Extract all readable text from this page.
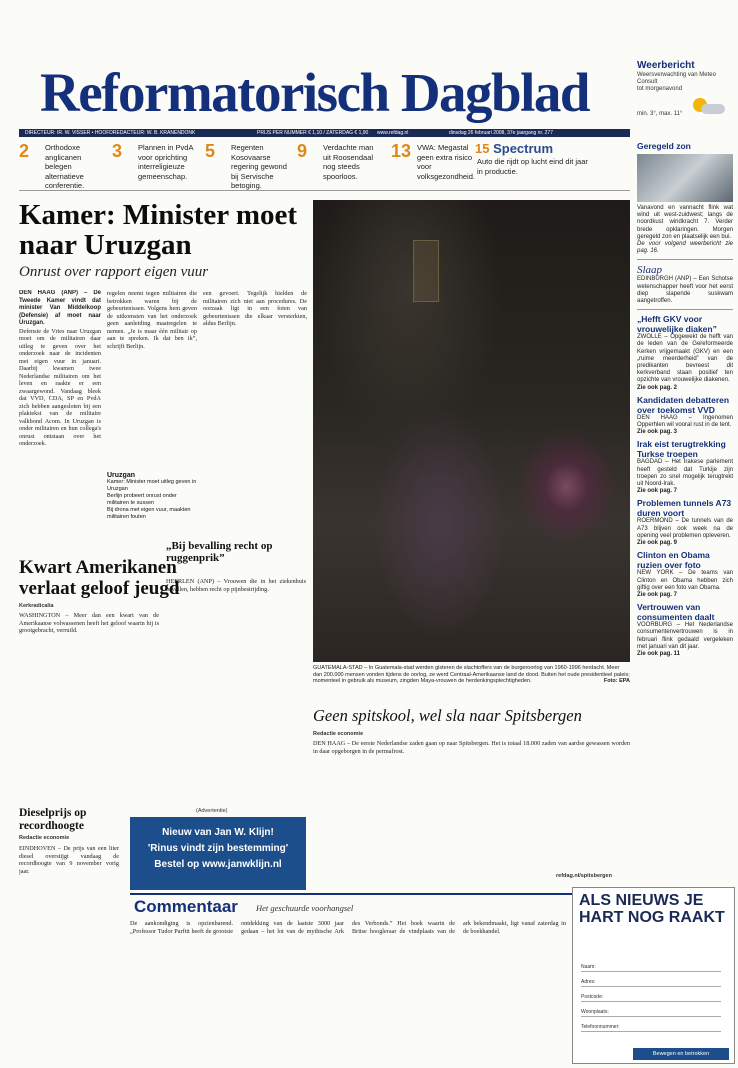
Reformatorisch Dagblad	Weerbericht
Weersverwachting van Meteo Consult
tot morgenavond
min. 3°, max. 11°
DIRECTEUR: IR. W. VISSER • HOOFDREDACTEUR: W. B. KRANENDONK	PRIJS PER NUMMER € 1,10 / ZATERDAG € 1,90 www.refdag.nl	dinsdag 26 februari 2008, 37e jaargang nr. 277
2 Orthodoxe anglicanen belegen alternatieve conferentie.
3 Plannen in PvdA voor oprichting interreligieuze gemeenschap.
5 Regenten Kosovaarse regering gewond bij Servische betoging.
9 Verdachte man uit Roosendaal nog steeds spoorloos.
13 VWA: Megastal geen extra risico voor volksgezondheid.
15 Spectrum
Auto die rijdt op lucht eind dit jaar in productie.
Geregeld zon
Vanavond en vannacht flink wat wind uit west-zuidwest; langs de noordkust windkracht 7. Verder brede opklaringen. Morgen geregeld zon en plaatselijk een bui.
De voor volgend weerbericht zie pag. 16.
Slaap
EDINBURGH (ANP) – Een Schotse wetenschapper heeft voor het eerst diep slapende suskwam aangetroffen.
„Hefft GKV voor vrouwelijke diaken”
ZWOLLE – Opgewekt de hefft van de leden van de Gereformeerde Kerken vrijgemaakt (GKV) en een „ruime meerderheid” van de predikanten bevreest dit kerkverband staan positief ten opzichte van vrouwelijke diakenen.
Zie ook pag. 2
Kandidaten debatteren over toekomst VVD
DEN HAAG – Ingenomen Opperhlen wil vooral rust in de tent.
Zie ook pag. 3
Irak eist terugtrekking Turkse troepen
BAGDAD – Het Irakese parlement heeft gesteld dat Turkije zijn troepen zo snel mogelijk terugtrekt uit Noord-Irak.
Zie ook pag. 7
Problemen tunnels A73 duren voort
ROERMOND – De tunnels van de A73 blijven ook week na de opening veel problemen opleveren.
Zie ook pag. 9
Clinton en Obama ruzien over foto
NEW YORK – De teams van Clinton en Obama hebben zich giftig over een foto van Obama.
Zie ook pag. 7
Vertrouwen van consumenten daalt
VOORBURG – Het Nederlandse consumentenvertrouwen is in februari flink gedaald vergeleken met januari van dit jaar.
Zie ook pag. 11
Kamer: Minister moet naar Uruzgan
Onrust over rapport eigen vuur
DEN HAAG (ANP) – De Tweede Kamer vindt dat minister Van Middelkoop (Defensie) af moet naar Uruzgan.
Defensie de Vries naar Uruzgan moet om de militairen daar uitleg te geven over het onderzoek naar de incidenten met eigen vuur in januari. Daarbij kwamen twee Nederlandse militairen om het leven en raakte er een zwaargewond. Vandaag bleek dat VVD, CDA, SP en PvdA zich hebben aangesloten bij een plaktekst van de militaire valkbond Acom. In Uruzgan is onder militairen en hun collega's onrust ontstaan over het onderzoek.
regelen neemt tegen militairen die betrokken waren bij de gebeurtenissen. Volgens hem geven de uitkomsten van het onderzoek geen aanleiding maatregelen te nemen. „Je is maar één militair op aan te spreken. Ik dat ben ik”, schrijft Berlijn.
Uruzgan
Kamer: Minister moet uitleg geven in Uruzgan
Berlijn probeert onrust onder militairen te sussen
Bij drona met eigen vuur, maakten militairen fouten
een gevoert. Tegelijk hielden de militairen zich niet aan procedures. De oorzaak ligt in een foten van gebeurtenissen die elkaar versterkten, aldus Berlijn.
„Bij bevalling recht op ruggenprik”
HEERLEN (ANP) – Vrouwen die in het ziekenhuis bevallen, hebben recht op pijnbestrijding.
Kwart Amerikanen verlaat geloof jeugd
Kerkradicalia
WASHINGTON – Meer dan een kwart van de Amerikaanse volwassenen heeft het geloof waarin hij is grootgebracht, verruild.
GUATEMALA-STAD – In Guatemala-stad werden gisteren de slachtoffers van de burgeroorlog van 1960-1996 herdacht. Meer dan 200.000 mensen vonden tijdens de oorlog, ze werd Centraal-Amerikaanse land de dood. Buiten het oude presidentieel paleis; momenteel in gebruik als museum, zingden Maya-vrouwen de herdenkingsplechtigheden.	Foto: EPA
Geen spitskool, wel sla naar Spitsbergen
Redactie economie
DEN HAAG – De eerste Nederlandse zaden gaan op naar Spitsbergen. Het is totaal 18.000 zaden van aardse gewassen worden in daar opgeborgen in de permafrost.
refdag.nl/spitsbergen
Dieselprijs op recordhoogte
Redactie economie
EINDHOVEN – De prijs van een liter diesel overstijgt vandaag de recordhoogte van 9 november vorig jaar.
(Advertentie)
Nieuw van Jan W. Klijn!
'Rinus vindt zijn bestemming'
Bestel op www.janwklijn.nl
Commentaar Het geschuurde voorhangsel
De aankondiging is opzienbarend. „Professor Tudor Parfitt heeft de grootste ontdekking van de laatste 3000 jaar gedaan – het lot van de mythische Ark des Verbonds.” Het boek waarin de Britse hoogleraar de vindplaats van de ark bekendmaakt, ligt vanaf zaterdag in de boekhandel.
ALS NIEUWS JE HART NOG RAAKT
Naam:
Adres:
Postcode:
Woonplaats:
Telefoonnummer:
Bewegen en betrokken
